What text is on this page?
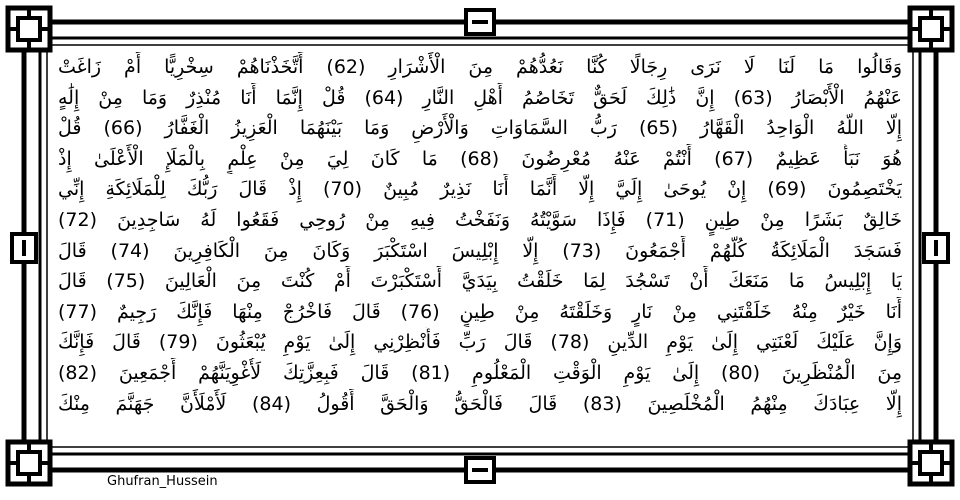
وَقَالُوا مَا لَنَا لَا نَرَى رِجَالًا كُنَّا نَعُدُّهُمْ مِنَ الْأَشْرَارِ (62) أَتَّخَذْنَاهُمْ سِخْرِيًّا أَمْ زَاغَتْ
عَنْهُمُ الْأَبْصَارُ (63) إِنَّ ذَٰلِكَ لَحَقٌّ تَخَاصُمُ أَهْلِ النَّارِ (64) قُلْ إِنَّمَا أَنَا مُنْذِرٌ وَمَا مِنْ إِلَٰهٍ
إِلَّا اللَّهُ الْوَاحِدُ الْقَهَّارُ (65) رَبُّ السَّمَاوَاتِ وَالْأَرْضِ وَمَا بَيْنَهُمَا الْعَزِيزُ الْغَفَّارُ (66) قُلْ
هُوَ نَبَأٌ عَظِيمٌ (67) أَنْتُمْ عَنْهُ مُعْرِضُونَ (68) مَا كَانَ لِيَ مِنْ عِلْمٍ بِالْمَلَإِ الْأَعْلَىٰ إِذْ
يَخْتَصِمُونَ (69) إِنْ يُوحَىٰ إِلَيَّ إِلَّا أَنَّمَا أَنَا نَذِيرٌ مُبِينٌ (70) إِذْ قَالَ رَبُّكَ لِلْمَلَائِكَةِ إِنِّي
خَالِقٌ بَشَرًا مِنْ طِينٍ (71) فَإِذَا سَوَّيْتُهُ وَنَفَخْتُ فِيهِ مِنْ رُوحِي فَقَعُوا لَهُ سَاجِدِينَ (72)
فَسَجَدَ الْمَلَائِكَةُ كُلُّهُمْ أَجْمَعُونَ (73) إِلَّا إِبْلِيسَ اسْتَكْبَرَ وَكَانَ مِنَ الْكَافِرِينَ (74) قَالَ
يَا إِبْلِيسُ مَا مَنَعَكَ أَنْ تَسْجُدَ لِمَا خَلَقْتُ بِيَدَيَّ أَسْتَكْبَرْتَ أَمْ كُنْتَ مِنَ الْعَالِينَ (75) قَالَ
أَنَا خَيْرٌ مِنْهُ خَلَقْتَنِي مِنْ نَارٍ وَخَلَقْتَهُ مِنْ طِينٍ (76) قَالَ فَاخْرُجْ مِنْهَا فَإِنَّكَ رَجِيمٌ (77)
وَإِنَّ عَلَيْكَ لَعْنَتِي إِلَىٰ يَوْمِ الدِّينِ (78) قَالَ رَبِّ فَأَنْظِرْنِي إِلَىٰ يَوْمِ يُبْعَثُونَ (79) قَالَ فَإِنَّكَ
مِنَ الْمُنْظَرِينَ (80) إِلَىٰ يَوْمِ الْوَقْتِ الْمَعْلُومِ (81) قَالَ فَبِعِزَّتِكَ لَأُغْوِيَنَّهُمْ أَجْمَعِينَ (82)
إِلَّا عِبَادَكَ مِنْهُمُ الْمُخْلَصِينَ (83) قَالَ فَالْحَقُّ وَالْحَقَّ أَقُولُ (84) لَأَمْلَأَنَّ جَهَنَّمَ مِنْكَ
Ghufran_Hussein
